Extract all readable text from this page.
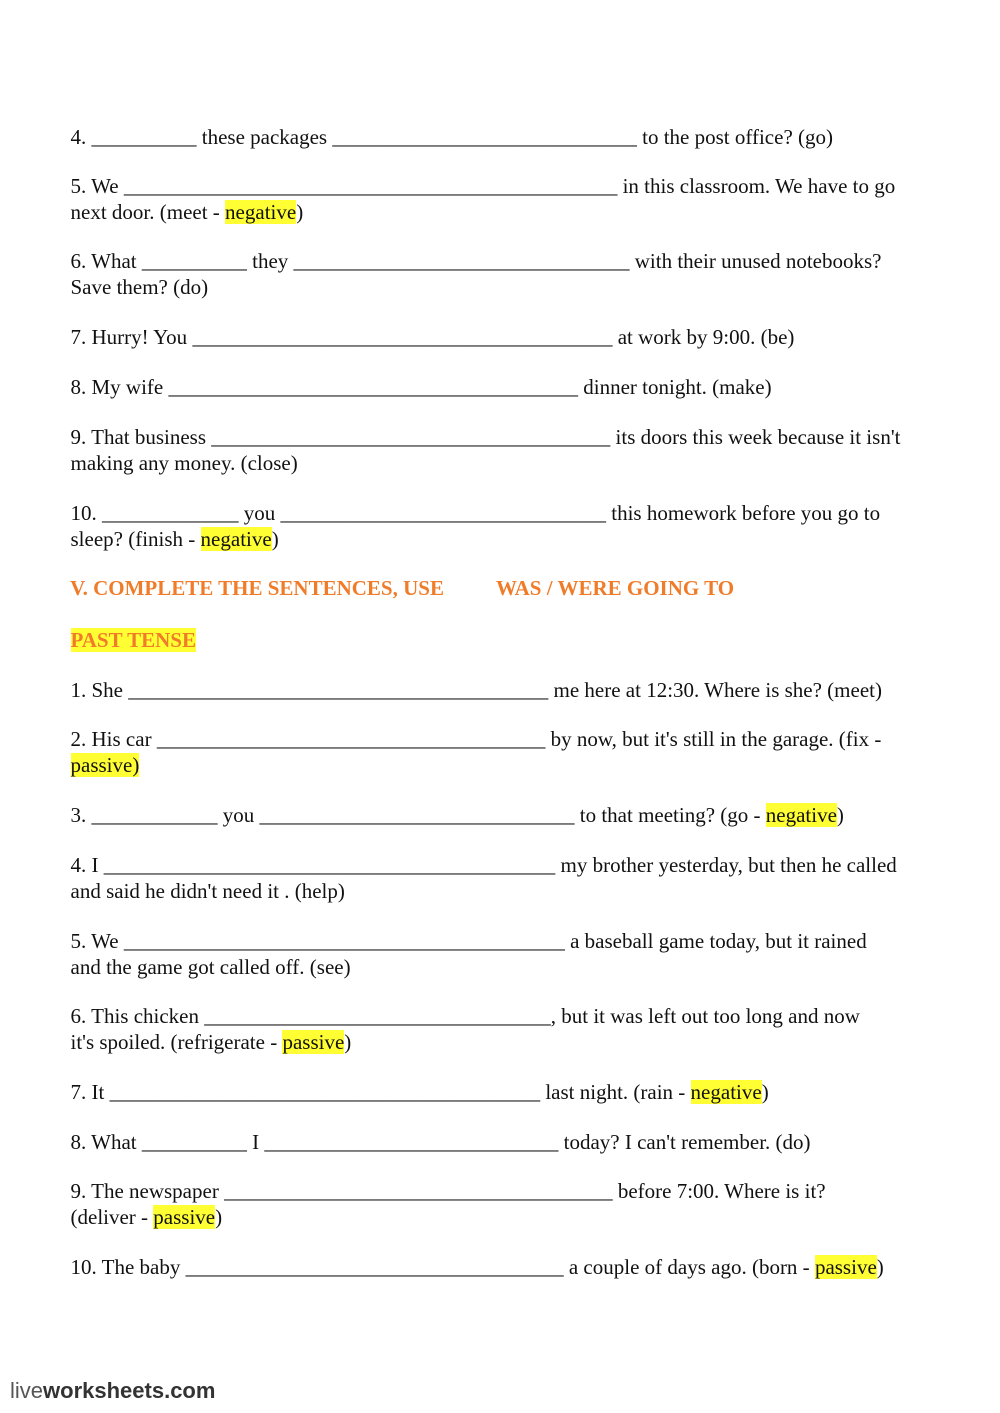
4. __________ these packages _____________________________ to the post office? (go)

5. We _______________________________________________ in this classroom. We have to go

next door. (meet - negative)

6. What __________ they ________________________________ with their unused notebooks?

Save them? (do)

7. Hurry! You ________________________________________ at work by 9:00. (be)

8. My wife _______________________________________ dinner tonight. (make)

9. That business ______________________________________ its doors this week because it isn't

making any money. (close)

10. _____________ you _______________________________ this homework before you go to

sleep? (finish - negative)

V. COMPLETE THE SENTENCES, USE WAS / WERE GOING TO

PAST TENSE

1. She ________________________________________ me here at 12:30. Where is she? (meet)

2. His car _____________________________________ by now, but it's still in the garage. (fix -

passive)

3. ____________ you ______________________________ to that meeting? (go - negative)

4. I ___________________________________________ my brother yesterday, but then he called

and said he didn't need it . (help)

5. We __________________________________________ a baseball game today, but it rained

and the game got called off. (see)

6. This chicken _________________________________, but it was left out too long and now

it's spoiled. (refrigerate - passive)

7. It _________________________________________ last night. (rain - negative)

8. What __________ I ____________________________ today? I can't remember. (do)

9. The newspaper _____________________________________ before 7:00. Where is it?

(deliver - passive)

10. The baby ____________________________________ a couple of days ago. (born - passive)

liveworksheets.com
